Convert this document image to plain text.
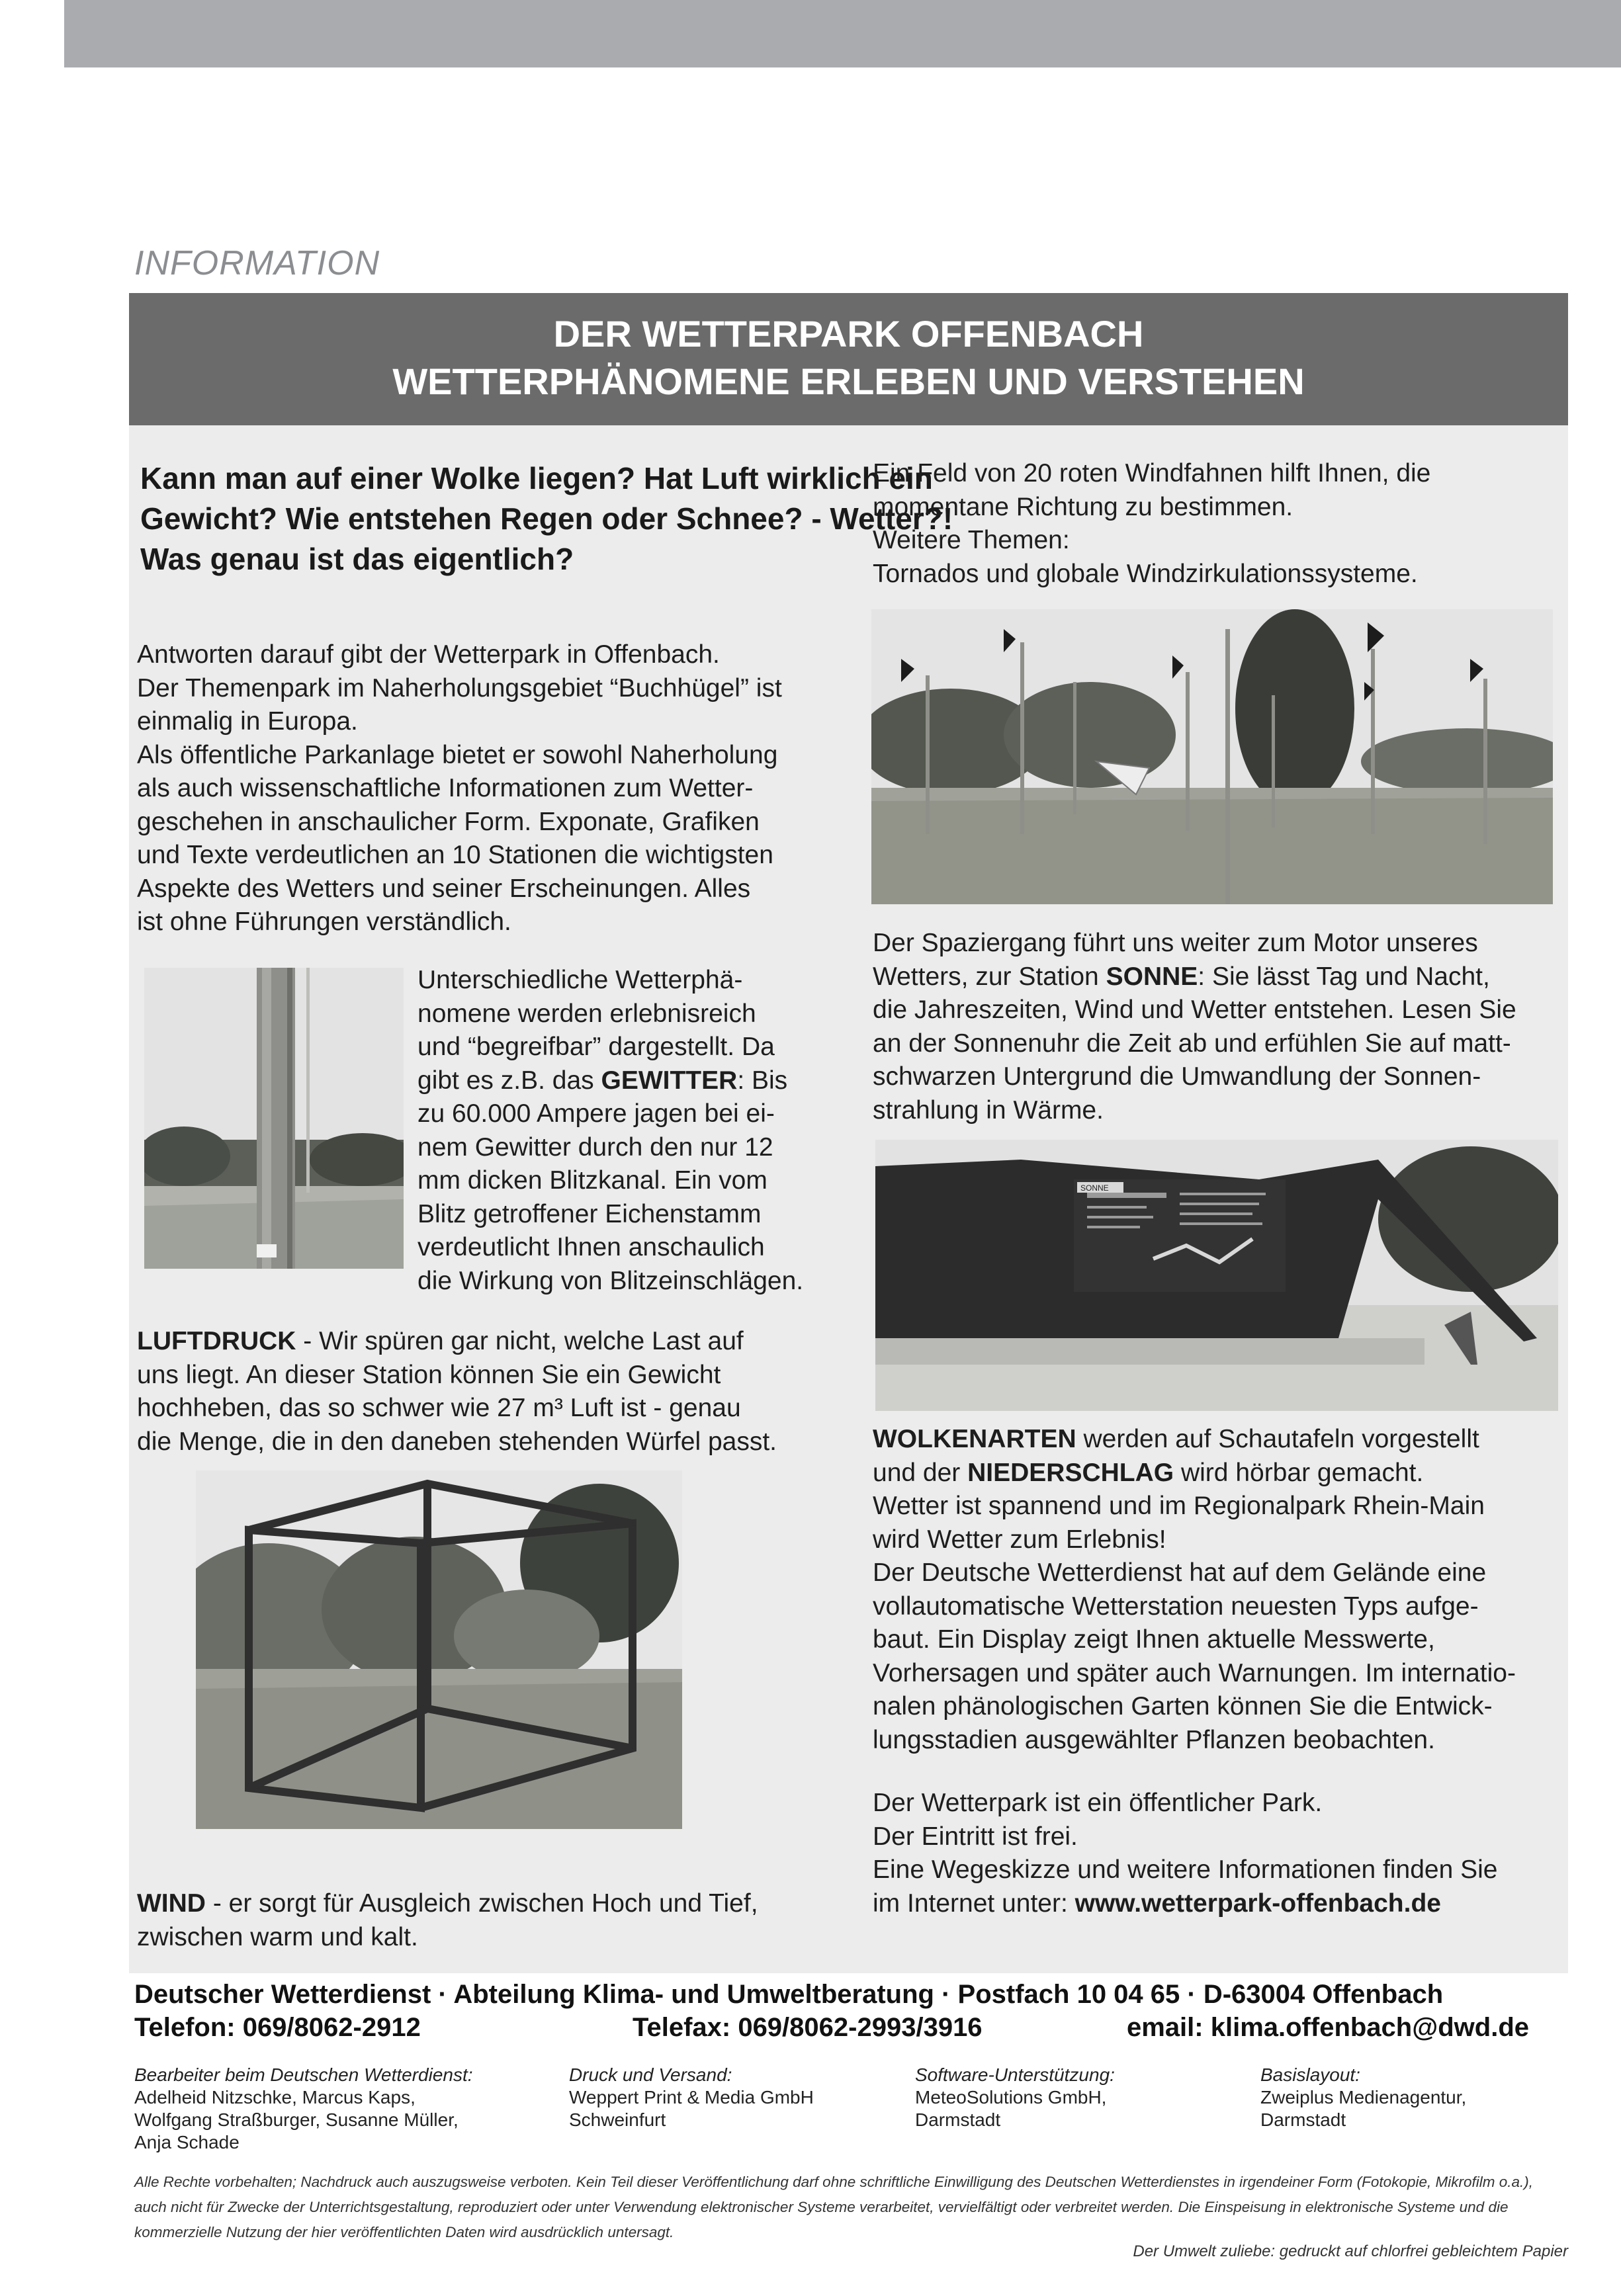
INFORMATION
DER WETTERPARK OFFENBACH
WETTERPHÄNOMENE ERLEBEN UND VERSTEHEN
Kann man auf einer Wolke liegen? Hat Luft wirklich ein Gewicht? Wie entstehen Regen oder Schnee? - Wetter?! Was genau ist das eigentlich?
Antworten darauf gibt der Wetterpark in Offenbach.
Der Themenpark im Naherholungsgebiet “Buchhügel” ist
einmalig in Europa.
Als öffentliche Parkanlage bietet er sowohl Naherholung
als auch wissenschaftliche Informationen zum Wetter-
geschehen in anschaulicher Form. Exponate, Grafiken
und Texte verdeutlichen an 10 Stationen die wichtigsten
Aspekte des Wetters und seiner Erscheinungen. Alles
ist ohne Führungen verständlich.
Unterschiedliche Wetterphä-
nomene werden erlebnisreich
und “begreifbar” dargestellt. Da
gibt es z.B. das GEWITTER: Bis
zu 60.000 Ampere jagen bei ei-
nem Gewitter durch den nur 12
mm dicken Blitzkanal. Ein vom
Blitz getroffener Eichenstamm
verdeutlicht Ihnen anschaulich
die Wirkung von Blitzeinschlägen.
LUFTDRUCK - Wir spüren gar nicht, welche Last auf
uns liegt. An dieser Station können Sie ein Gewicht
hochheben, das so schwer wie 27 m³ Luft ist - genau
die Menge, die in den daneben stehenden Würfel passt.
WIND - er sorgt für Ausgleich zwischen Hoch und Tief,
zwischen warm und kalt.
Ein Feld von 20 roten Windfahnen hilft Ihnen, die
momentane Richtung zu bestimmen.
Weitere Themen:
Tornados und globale Windzirkulationssysteme.
Der Spaziergang führt uns weiter zum Motor unseres
Wetters, zur Station SONNE: Sie lässt Tag und Nacht,
die Jahreszeiten, Wind und Wetter entstehen. Lesen Sie
an der Sonnenuhr die Zeit ab und erfühlen Sie auf matt-
schwarzen Untergrund die Umwandlung der Sonnen-
strahlung in Wärme.
SONNE
WOLKENARTEN werden auf Schautafeln vorgestellt
und der NIEDERSCHLAG wird hörbar gemacht.
Wetter ist spannend und im Regionalpark Rhein-Main
wird Wetter zum Erlebnis!
Der Deutsche Wetterdienst hat auf dem Gelände eine
vollautomatische Wetterstation neuesten Typs aufge-
baut. Ein Display zeigt Ihnen aktuelle Messwerte,
Vorhersagen und später auch Warnungen. Im internatio-
nalen phänologischen Garten können Sie die Entwick-
lungsstadien ausgewählter Pflanzen beobachten.
Der Wetterpark ist ein öffentlicher Park.
Der Eintritt ist frei.
Eine Wegeskizze und weitere Informationen finden Sie
im Internet unter: www.wetterpark-offenbach.de
Deutscher Wetterdienst · Abteilung Klima- und Umweltberatung · Postfach 10 04 65 · D-63004 Offenbach
Telefon: 069/8062-2912	Telefax: 069/8062-2993/3916	email: klima.offenbach@dwd.de
Bearbeiter beim Deutschen Wetterdienst:
Adelheid Nitzschke, Marcus Kaps,
Wolfgang Straßburger, Susanne Müller,
Anja Schade
Druck und Versand:
Weppert Print & Media GmbH
Schweinfurt
Software-Unterstützung:
MeteoSolutions GmbH,
Darmstadt
Basislayout:
Zweiplus Medienagentur,
Darmstadt
Alle Rechte vorbehalten; Nachdruck auch auszugsweise verboten. Kein Teil dieser Veröffentlichung darf ohne schriftliche Einwilligung des Deutschen Wetterdienstes in irgendeiner Form (Fotokopie, Mikrofilm o.a.), auch nicht für Zwecke der Unterrichtsgestaltung, reproduziert oder unter Verwendung elektronischer Systeme verarbeitet, vervielfältigt oder verbreitet werden. Die Einspeisung in elektronische Systeme und die kommerzielle Nutzung der hier veröffentlichten Daten wird ausdrücklich untersagt.
Der Umwelt zuliebe: gedruckt auf chlorfrei gebleichtem Papier
